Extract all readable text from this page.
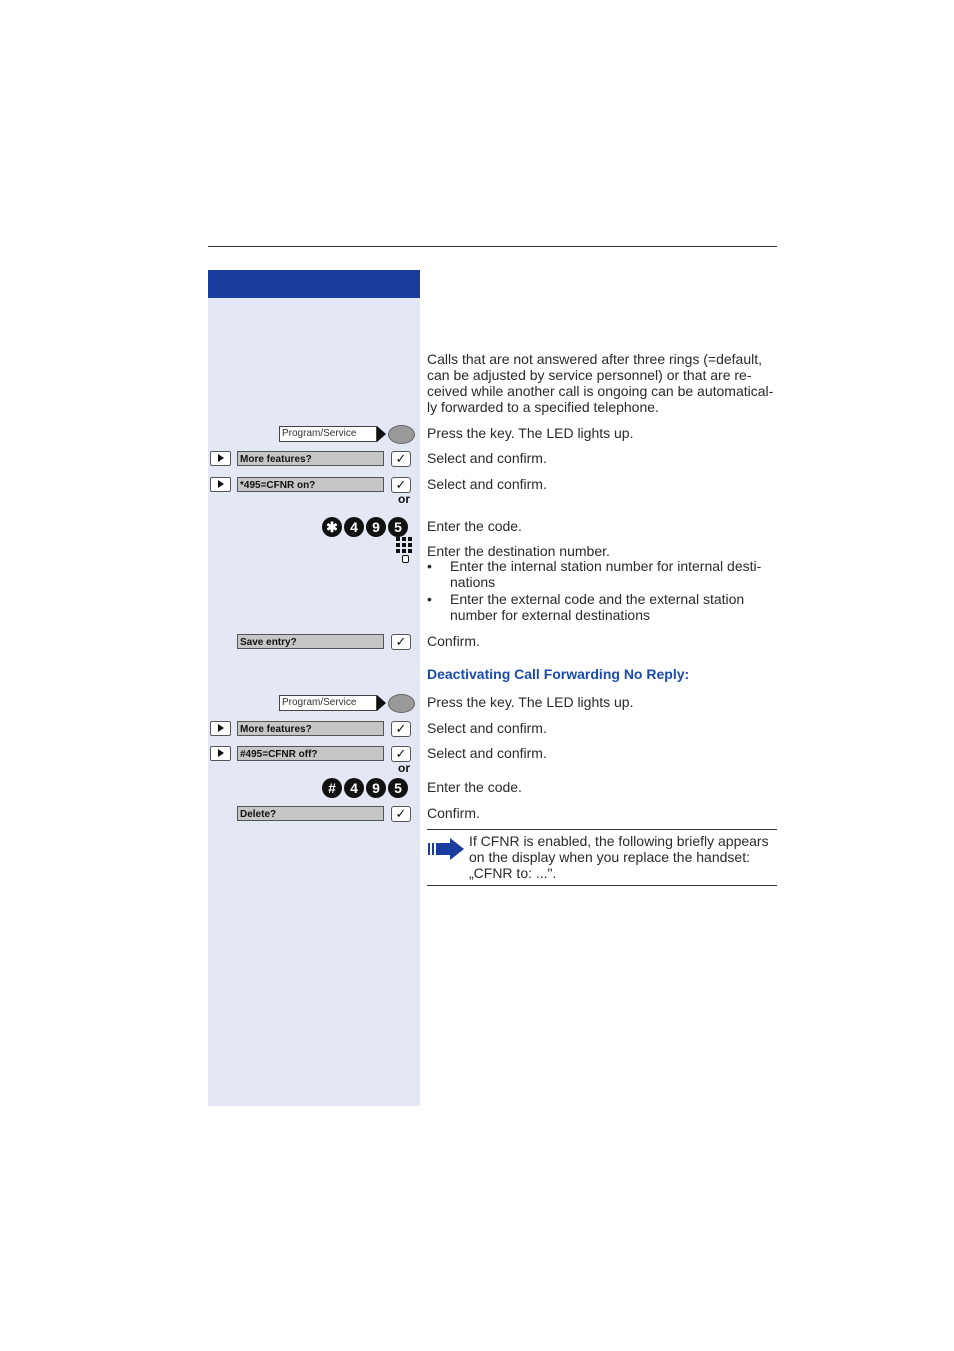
Calls that are not answered after three rings (=default,
can be adjusted by service personnel) or that are re-
ceived while another call is ongoing can be automatical-
ly forwarded to a specified telephone.
Program/Service	Press the key. The LED lights up.
More features?	✓	Select and confirm.
*495=CFNR on?	✓	Select and confirm.
or
✱ 4	9	5	Enter the code.
Enter the destination number.
• Enter the internal station number for internal desti-
nations
• Enter the external code and the external station
number for external destinations
Save entry?	✓	Confirm.
Deactivating Call Forwarding No Reply:
Program/Service	Press the key. The LED lights up.
More features?	✓	Select and confirm.
#495=CFNR off?	✓	Select and confirm.
or
#	4	9	5	Enter the code.
Delete?	✓	Confirm.
If CFNR is enabled, the following briefly appears
on the display when you replace the handset:
„CFNR to: ...".
